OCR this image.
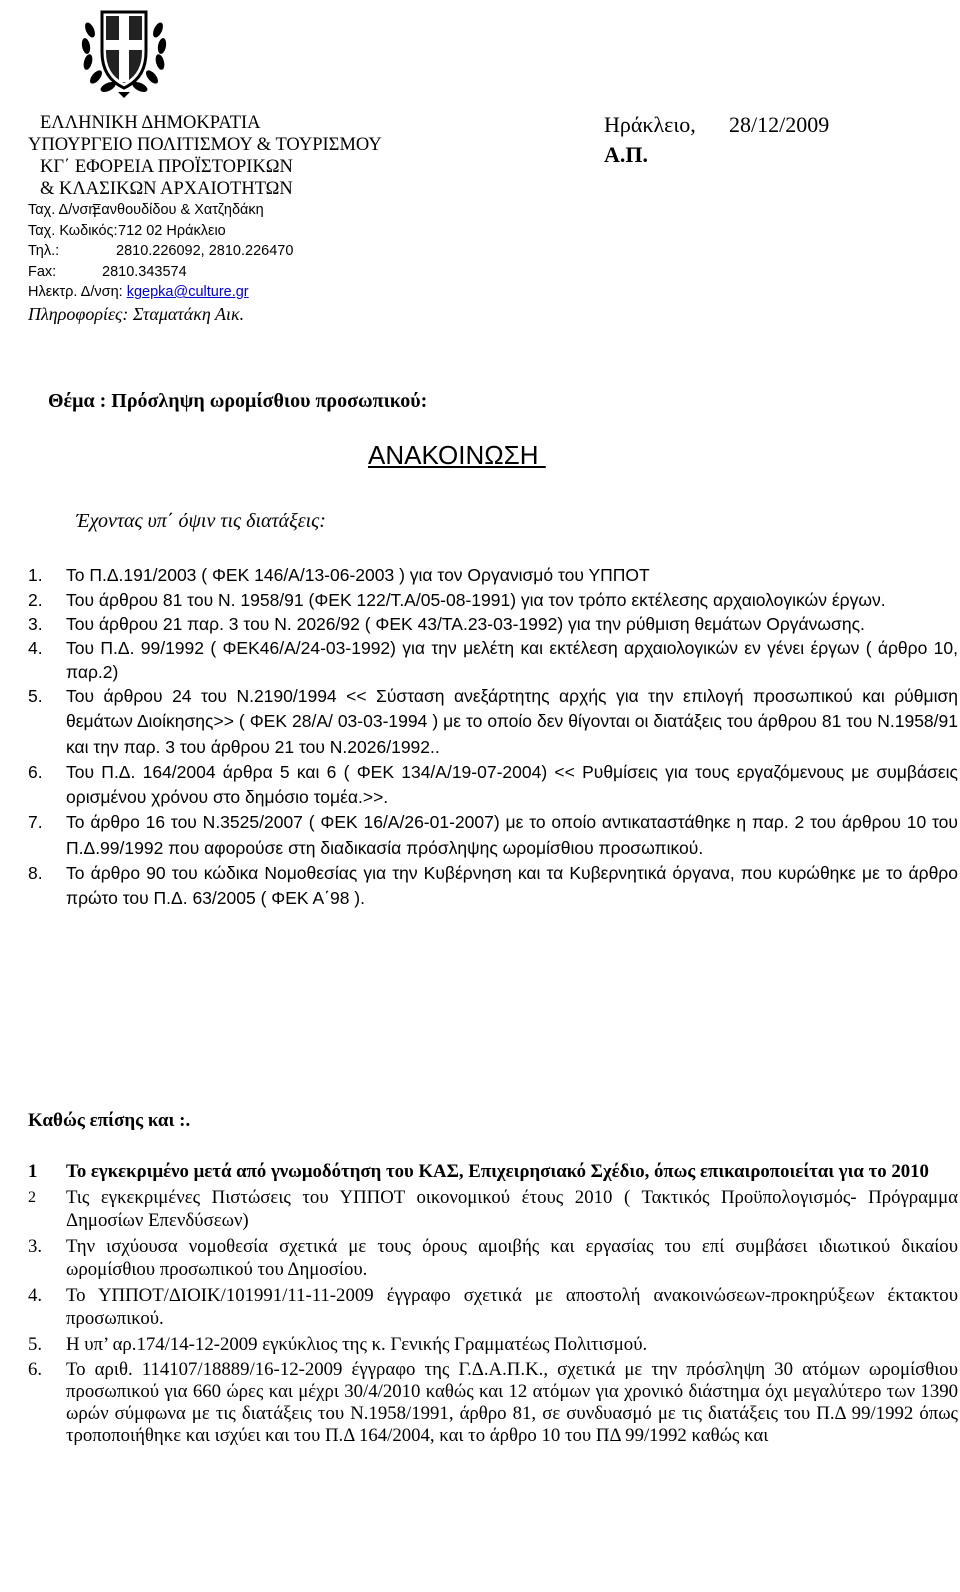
ΕΛΛΗΝΙΚΗ ΔΗΜΟΚΡΑΤΙΑ
ΥΠΟΥΡΓΕΙΟ ΠΟΛΙΤΙΣΜΟΥ & ΤΟΥΡΙΣΜΟΥ
ΚΓ΄ ΕΦΟΡΕΙΑ ΠΡΟΪΣΤΟΡΙΚΩΝ
& ΚΛΑΣΙΚΩΝ ΑΡΧΑΙΟΤΗΤΩΝ
Ταχ. Δ/νση:
Ξανθουδίδου & Χατζηδάκη
Ταχ. Κωδικός: 712 02 Ηράκλειο
Τηλ.:	2810.226092, 2810.226470
Fax:	2810.343574
Ηλεκτρ. Δ/νση: kgepka@culture.gr
Πληροφορίες: Σταματάκη Αικ.
Ηράκλειο, 28/12/2009
Α.Π.
Θέμα : Πρόσληψη ωρομίσθιου προσωπικού:
ΑΝΑΚΟΙΝΩΣΗ
Έχοντας υπ΄ όψιν τις διατάξεις:
1. Το Π.Δ.191/2003 ( ΦΕΚ 146/Α/13-06-2003 ) για τον Οργανισμό του ΥΠΠΟΤ
2. Του άρθρου 81 του Ν. 1958/91 (ΦΕΚ 122/Τ.Α/05-08-1991) για τον τρόπο εκτέλεσης αρχαιολογικών έργων.
3. Του άρθρου 21 παρ. 3 του Ν. 2026/92 ( ΦΕΚ 43/ΤΑ.23-03-1992) για την ρύθμιση θεμάτων Οργάνωσης.
4. Του Π.Δ. 99/1992 ( ΦΕΚ46/Α/24-03-1992) για την μελέτη και εκτέλεση αρχαιολογικών εν γένει έργων ( άρθρο 10, παρ.2)
5. Του άρθρου 24 του Ν.2190/1994 << Σύσταση ανεξάρτητης αρχής για την επιλογή προσωπικού και ρύθμιση θεμάτων Διοίκησης>> ( ΦΕΚ 28/Α/ 03-03-1994 ) με το οποίο δεν θίγονται οι διατάξεις του άρθρου 81 του Ν.1958/91 και την παρ. 3 του άρθρου 21 του Ν.2026/1992..
6. Του Π.Δ. 164/2004 άρθρα 5 και 6 ( ΦΕΚ 134/Α/19-07-2004) << Ρυθμίσεις για τους εργαζόμενους με συμβάσεις ορισμένου χρόνου στο δημόσιο τομέα.>>.
7. Το άρθρο 16 του Ν.3525/2007 ( ΦΕΚ 16/Α/26-01-2007) με το οποίο αντικαταστάθηκε η παρ. 2 του άρθρου 10 του Π.Δ.99/1992 που αφορούσε στη διαδικασία πρόσληψης ωρομίσθιου προσωπικού.
8. Το άρθρο 90 του κώδικα Νομοθεσίας για την Κυβέρνηση και τα Κυβερνητικά όργανα, που κυρώθηκε με το άρθρο πρώτο του Π.Δ. 63/2005 ( ΦΕΚ Α΄98 ).
Καθώς επίσης και :.
1 Το εγκεκριμένο μετά από γνωμοδότηση του ΚΑΣ, Επιχειρησιακό Σχέδιο, όπως επικαιροποιείται για το 2010
2 Τις εγκεκριμένες Πιστώσεις του ΥΠΠΟΤ οικονομικού έτους 2010 ( Τακτικός Προϋπολογισμός- Πρόγραμμα Δημοσίων Επενδύσεων)
3. Την ισχύουσα νομοθεσία σχετικά με τους όρους αμοιβής και εργασίας του επί συμβάσει ιδιωτικού δικαίου ωρομίσθιου προσωπικού του Δημοσίου.
4. Το ΥΠΠΟΤ/ΔΙΟΙΚ/101991/11-11-2009 έγγραφο σχετικά με αποστολή ανακοινώσεων-προκηρύξεων έκτακτου προσωπικού.
5. Η υπ’ αρ.174/14-12-2009 εγκύκλιος της κ. Γενικής Γραμματέως Πολιτισμού.
6. Το αριθ. 114107/18889/16-12-2009 έγγραφο της Γ.Δ.Α.Π.Κ., σχετικά με την πρόσληψη 30 ατόμων ωρομίσθιου προσωπικού για 660 ώρες και μέχρι 30/4/2010 καθώς και 12 ατόμων για χρονικό διάστημα όχι μεγαλύτερο των 1390 ωρών σύμφωνα με τις διατάξεις του Ν.1958/1991, άρθρο 81, σε συνδυασμό με τις διατάξεις του Π.Δ 99/1992 όπως τροποποιήθηκε και ισχύει και του Π.Δ 164/2004, και το άρθρο 10 του ΠΔ 99/1992 καθώς και
